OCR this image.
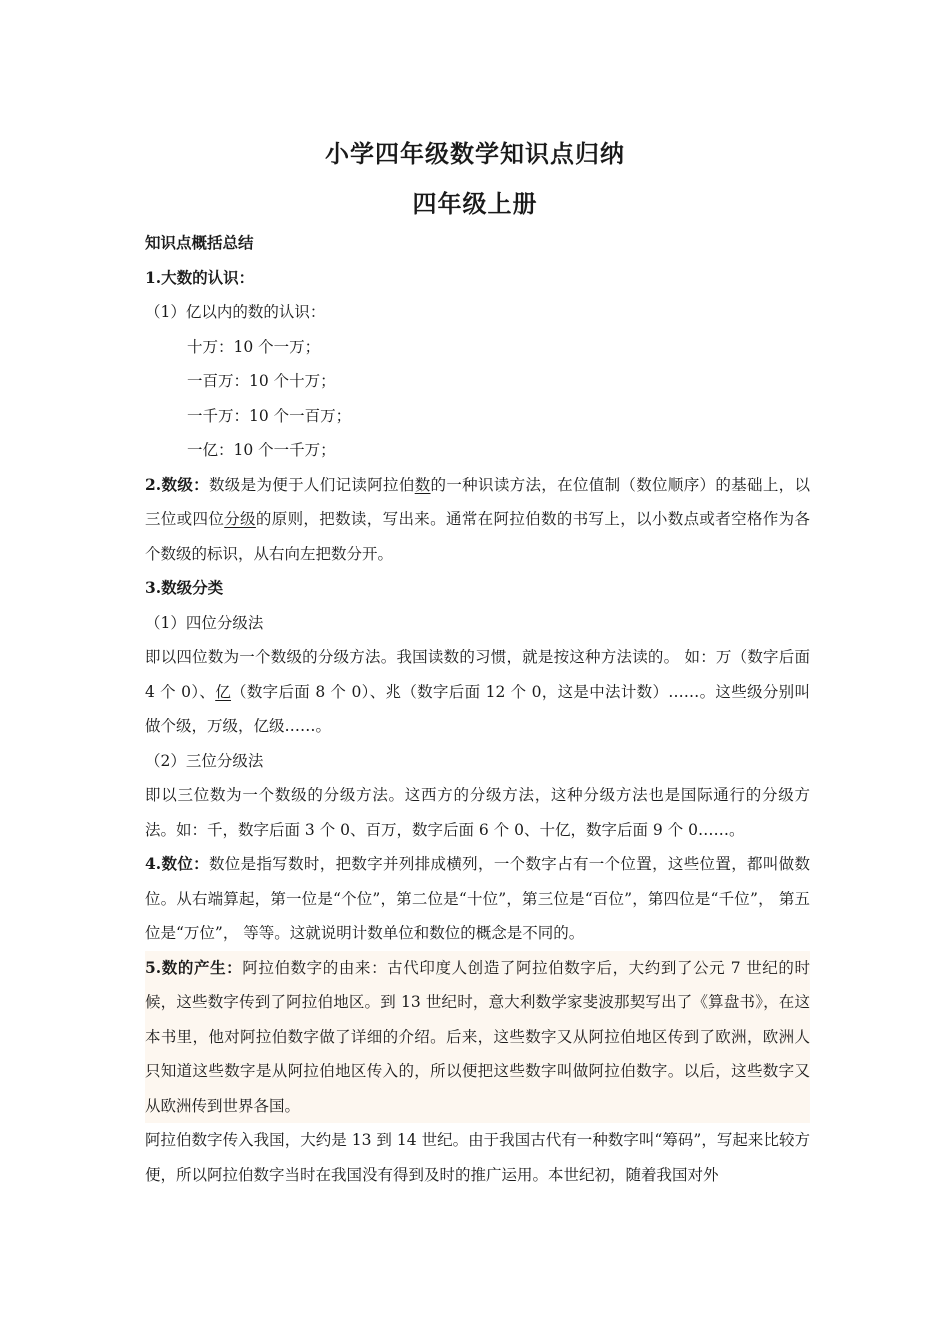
小学四年级数学知识点归纳
四年级上册

知识点概括总结

1.大数的认识：

（1）亿以内的数的认识：

十万：10 个一万；

一百万：10 个十万；

一千万：10 个一百万；

一亿：10 个一千万；

2.数级：数级是为便于人们记读阿拉伯数的一种识读方法，在位值制（数位顺序）的基础上，以三位或四位分级的原则，把数读，写出来。通常在阿拉伯数的书写上，以小数点或者空格作为各个数级的标识，从右向左把数分开。

3.数级分类

（1）四位分级法

即以四位数为一个数级的分级方法。我国读数的习惯，就是按这种方法读的。 如：万（数字后面 4 个 0）、亿（数字后面 8 个 0）、兆（数字后面 12 个 0，这是中法计数）……。这些级分别叫做个级，万级，亿级……。

（2）三位分级法

即以三位数为一个数级的分级方法。这西方的分级方法，这种分级方法也是国际通行的分级方法。如：千，数字后面 3 个 0、百万，数字后面 6 个 0、十亿，数字后面 9 个 0……。

4.数位：数位是指写数时，把数字并列排成横列，一个数字占有一个位置，这些位置，都叫做数位。从右端算起，第一位是“个位”，第二位是“十位”，第三位是“百位”，第四位是“千位”， 第五位是“万位”， 等等。这就说明计数单位和数位的概念是不同的。

5.数的产生：阿拉伯数字的由来：古代印度人创造了阿拉伯数字后，大约到了公元 7 世纪的时候，这些数字传到了阿拉伯地区。到 13 世纪时，意大利数学家斐波那契写出了《算盘书》，在这本书里，他对阿拉伯数字做了详细的介绍。后来，这些数字又从阿拉伯地区传到了欧洲，欧洲人只知道这些数字是从阿拉伯地区传入的，所以便把这些数字叫做阿拉伯数字。以后，这些数字又从欧洲传到世界各国。

阿拉伯数字传入我国，大约是 13 到 14 世纪。由于我国古代有一种数字叫“筹码”，写起来比较方便，所以阿拉伯数字当时在我国没有得到及时的推广运用。本世纪初，随着我国对外
